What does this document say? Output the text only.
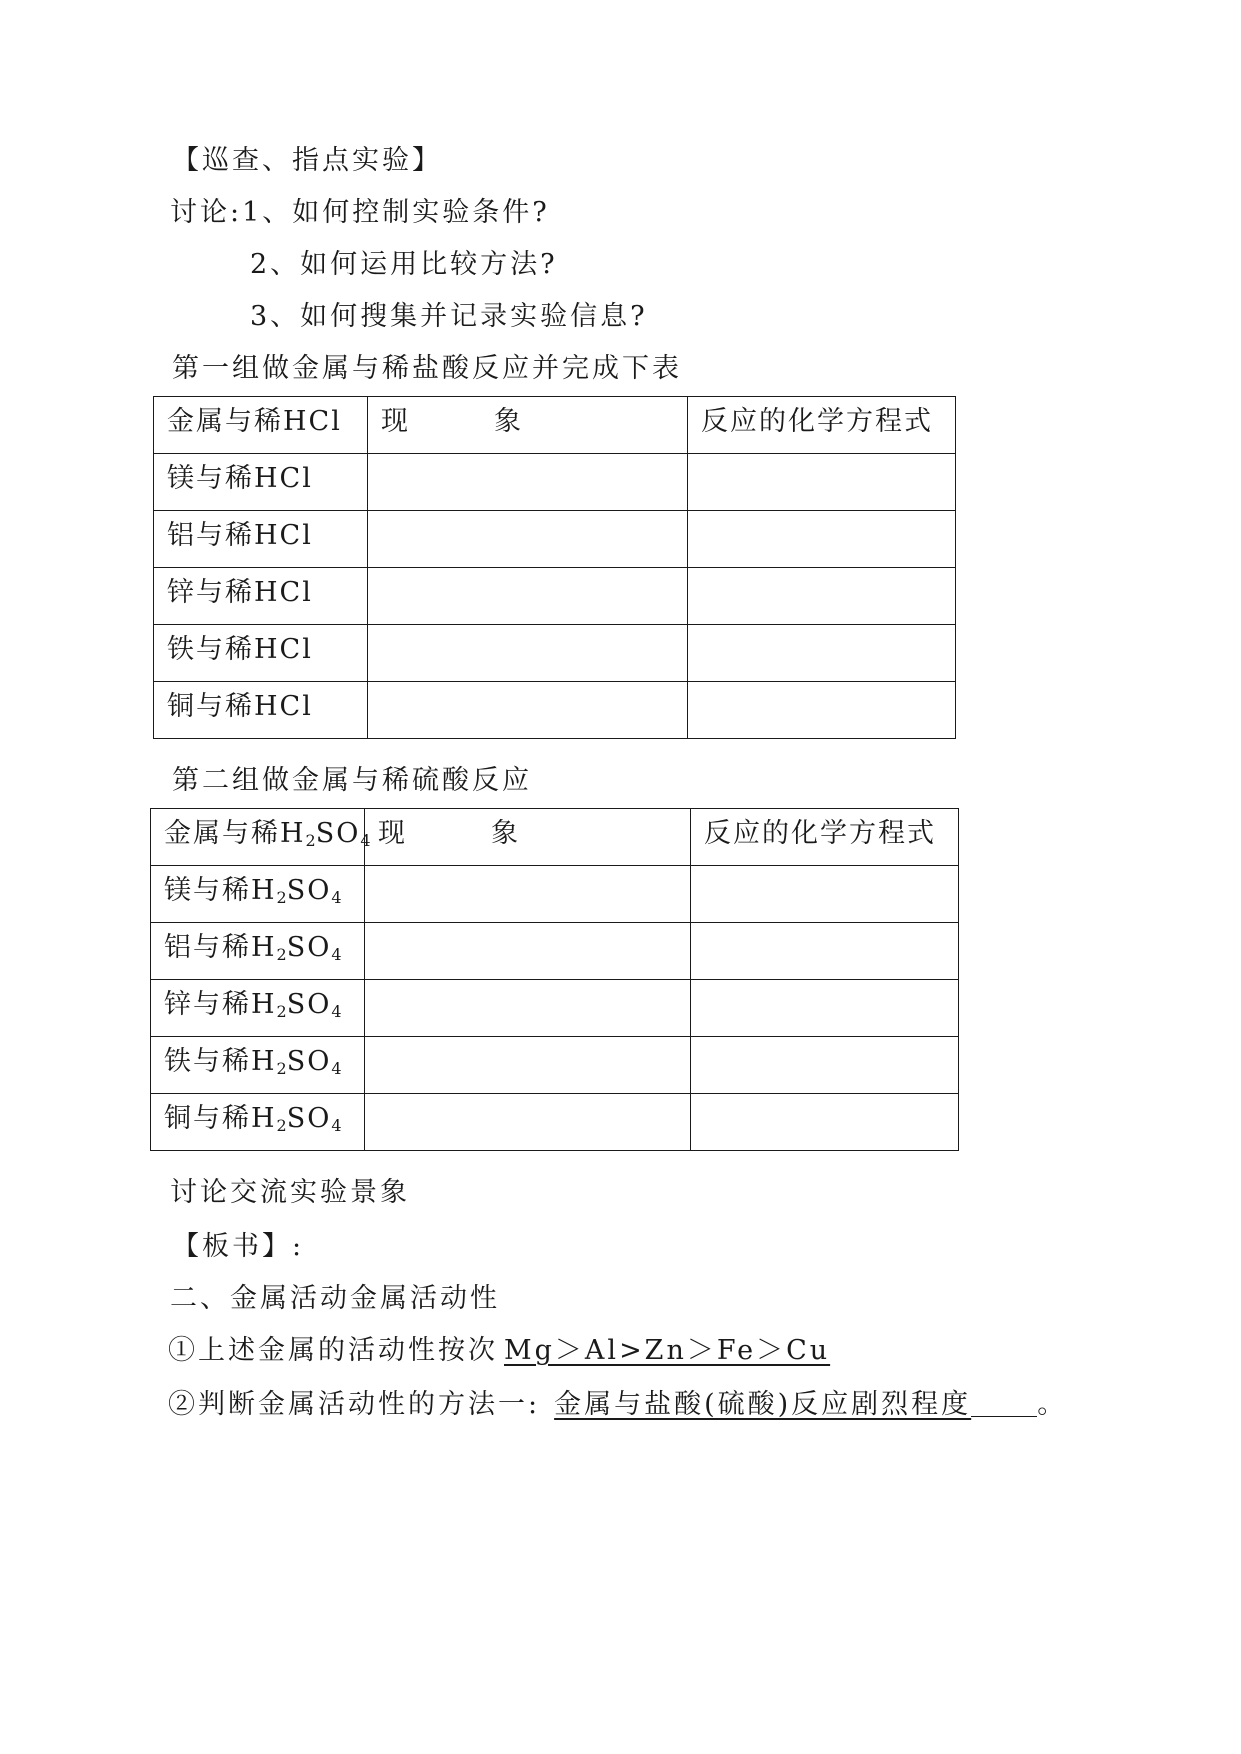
【巡查、指点实验】
讨论:1、如何控制实验条件?
2、如何运用比较方法?
3、如何搜集并记录实验信息?
第一组做金属与稀盐酸反应并完成下表
金属与稀HCl	现 象	反应的化学方程式
镁与稀HCl		
铝与稀HCl		
锌与稀HCl		
铁与稀HCl		
铜与稀HCl		
第二组做金属与稀硫酸反应
金属与稀$H_2SO_4$	现 象	反应的化学方程式
镁与稀$H_2SO_4$		
铝与稀$H_2SO_4$		
锌与稀$H_2SO_4$		
铁与稀$H_2SO_4$		
铜与稀$H_2SO_4$		
讨论交流实验景象
【板书】:
二、金属活动金属活动性
①上述金属的活动性按次 Mg＞Al>Zn＞Fe＞Cu
②判断金属活动性的方法一: 金属与盐酸(硫酸)反应剧烈程度 。
